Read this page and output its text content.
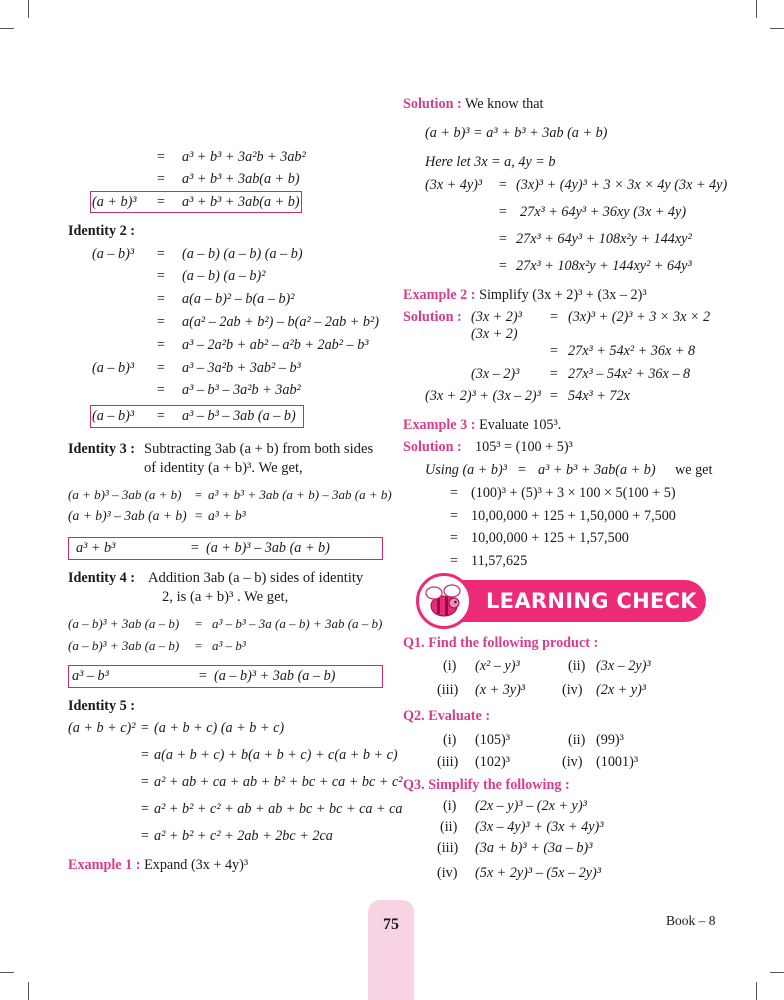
= a³ + b³ + 3a²b + 3ab²
= a³ + b³ + 3ab(a + b)
(a + b)³ = a³ + b³ + 3ab(a + b)
Identity 2 :
(a – b)³ = (a – b) (a – b) (a – b)
= (a – b) (a – b)²
= a(a – b)² – b(a – b)²
= a(a² – 2ab + b²) – b(a² – 2ab + b²)
= a³ – 2a²b + ab² – a²b + 2ab² – b³
(a – b)³ = a³ – 3a²b + 3ab² – b³
= a³ – b³ – 3a²b + 3ab²
(a – b)³ = a³ – b³ – 3ab (a – b)
Identity 3 : Subtracting 3ab (a + b) from both sides
of identity (a + b)³. We get,
(a + b)³ – 3ab (a + b) = a³ + b³ + 3ab (a + b) – 3ab (a + b)
(a + b)³ – 3ab (a + b) = a³ + b³
a³ + b³	= (a + b)³ – 3ab (a + b)
Identity 4 : Addition 3ab (a – b) sides of identity
2, is (a + b)³ . We get,
(a – b)³ + 3ab (a – b) = a³ – b³ – 3a (a – b) + 3ab (a – b)
(a – b)³ + 3ab (a – b) = a³ – b³
a³ – b³	= (a – b)³ + 3ab (a – b)
Identity 5 :
(a + b + c)² = (a + b + c) (a + b + c)
= a(a + b + c) + b(a + b + c) + c(a + b + c)
= a² + ab + ca + ab + b² + bc + ca + bc + c²
= a² + b² + c² + ab + ab + bc + bc + ca + ca
= a² + b² + c² + 2ab + 2bc + 2ca
Example 1 : Expand (3x + 4y)³
Solution : We know that
(a + b)³ = a³ + b³ + 3ab (a + b)
Here let 3x = a, 4y = b
(3x + 4y)³ = (3x)³ + (4y)³ + 3 × 3x × 4y (3x + 4y)
= 27x³ + 64y³ + 36xy (3x + 4y)
= 27x³ + 64y³ + 108x²y + 144xy²
= 27x³ + 108x²y + 144xy² + 64y³
Example 2 : Simplify (3x + 2)³ + (3x – 2)³
Solution : (3x + 2)³ = (3x)³ + (2)³ + 3 × 3x × 2
(3x + 2)
= 27x³ + 54x² + 36x + 8
(3x – 2)³ = 27x³ – 54x² + 36x – 8
(3x + 2)³ + (3x – 2)³ = 54x³ + 72x
Example 3 : Evaluate 105³.
Solution : 105³ = (100 + 5)³
Using (a + b)³ = a³ + b³ + 3ab(a + b) we get
= (100)³ + (5)³ + 3 × 100 × 5(100 + 5)
= 10,00,000 + 125 + 1,50,000 + 7,500
= 10,00,000 + 125 + 1,57,500
= 11,57,625
LEARNING CHECK – 5.6
Q1. Find the following product :
(i) (x² – y)³	(ii) (3x – 2y)³
(iii) (x + 3y)³	(iv) (2x + y)³
Q2. Evaluate :
(i) (105)³	(ii) (99)³
(iii) (102)³	(iv) (1001)³
Q3. Simplify the following :
(i) (2x – y)³ – (2x + y)³
(ii) (3x – 4y)³ + (3x + 4y)³
(iii) (3a + b)³ + (3a – b)³
(iv) (5x + 2y)³ – (5x – 2y)³
75	Book – 8
